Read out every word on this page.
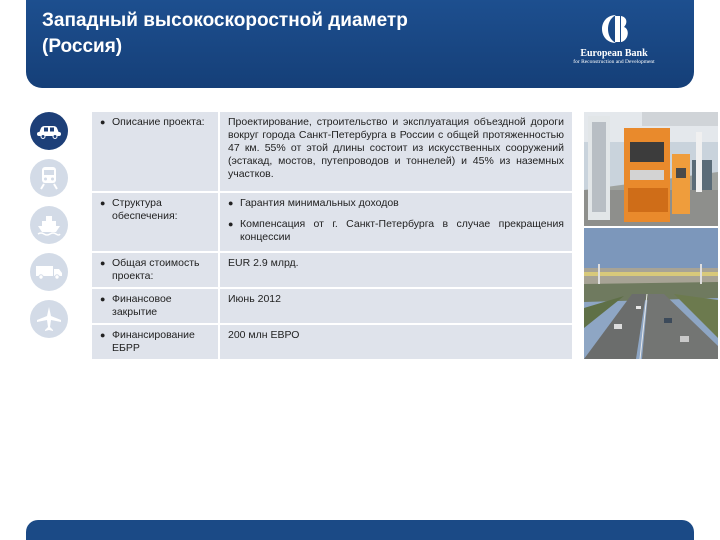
Западный высокоскоростной диаметр
(Россия)	European Bank
for Reconstruction and Development
● Описание проекта:	Проектирование, строительство и эксплуатация объездной дороги вокруг города Санкт-Петербурга в России с общей протяженностью 47 км. 55% от этой длины состоит из искусственных сооружений (эстакад, мостов, путепроводов и тоннелей) и 45% из наземных участков.
● Структура обеспечения:
● Гарантия минимальных доходов
● Компенсация от г. Санкт-Петербурга в случае прекращения концессии
● Общая стоимость проекта:
EUR 2.9 млрд.
● Финансовое закрытие
Июнь 2012
● Финансирование ЕБРР
200 млн ЕВРО
